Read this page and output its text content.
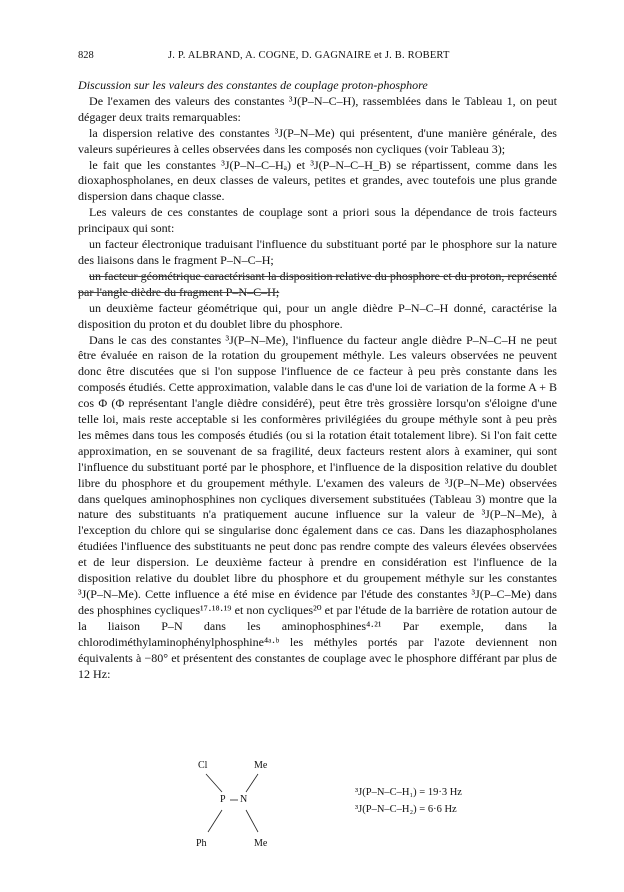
828	J. P. ALBRAND, A. COGNE, D. GAGNAIRE et J. B. ROBERT

Discussion sur les valeurs des constantes de couplage proton-phosphore

De l'examen des valeurs des constantes ³J(P–N–C–H), rassemblées dans le Tableau 1, on peut dégager deux traits remarquables:

la dispersion relative des constantes ³J(P–N–Me) qui présentent, d'une manière générale, des valeurs supérieures à celles observées dans les composés non cycliques (voir Tableau 3);

le fait que les constantes ³J(P–N–C–Hₐ) et ³J(P–N–C–H_B) se répartissent, comme dans les dioxaphospholanes, en deux classes de valeurs, petites et grandes, avec toutefois une plus grande dispersion dans chaque classe.

Les valeurs de ces constantes de couplage sont a priori sous la dépendance de trois facteurs principaux qui sont:

un facteur électronique traduisant l'influence du substituant porté par le phosphore sur la nature des liaisons dans le fragment P–N–C–H;

un facteur géométrique caractérisant la disposition relative du phosphore et du proton, représenté par l'angle dièdre du fragment P–N–C–H;

un deuxième facteur géométrique qui, pour un angle dièdre P–N–C–H donné, caractérise la disposition du proton et du doublet libre du phosphore.

Dans le cas des constantes ³J(P–N–Me), l'influence du facteur angle dièdre P–N–C–H ne peut être évaluée en raison de la rotation du groupement méthyle. Les valeurs observées ne peuvent donc être discutées que si l'on suppose l'influence de ce facteur à peu près constante dans les composés étudiés. Cette approximation, valable dans le cas d'une loi de variation de la forme A + B cos Φ (Φ représentant l'angle dièdre considéré), peut être très grossière lorsqu'on s'éloigne d'une telle loi, mais reste acceptable si les conformères privilégiées du groupe méthyle sont à peu près les mêmes dans tous les composés étudiés (ou si la rotation était totalement libre). Si l'on fait cette approximation, en se souvenant de sa fragilité, deux facteurs restent alors à examiner, qui sont l'influence du substituant porté par le phosphore, et l'influence de la disposition relative du doublet libre du phosphore et du groupement méthyle. L'examen des valeurs de ³J(P–N–Me) observées dans quelques aminophosphines non cycliques diversement substituées (Tableau 3) montre que la nature des substituants n'a pratiquement aucune influence sur la valeur de ³J(P–N–Me), à l'exception du chlore qui se singularise donc également dans ce cas. Dans les diazaphospholanes étudiées l'influence des substituants ne peut donc pas rendre compte des valeurs élevées observées et de leur dispersion. Le deuxième facteur à prendre en considération est l'influence de la disposition relative du doublet libre du phosphore et du groupement méthyle sur les constantes ³J(P–N–Me). Cette influence a été mise en évidence par l'étude des constantes ³J(P–C–Me) dans des phosphines cycliques¹⁷·¹⁸·¹⁹ et non cycliques²⁰ et par l'étude de la barrière de rotation autour de la liaison P–N dans les aminophosphines⁴·²¹ Par exemple, dans la chlorodiméthylaminophénylphosphine⁴ᵃ·ᵇ les méthyles portés par l'azote deviennent non équivalents à −80° et présentent des constantes de couplage avec le phosphore différant par plus de 12 Hz:

Cl	Me
P N
Ph	Me
³J(P–N–C–H₁) = 19·3 Hz
³J(P–N–C–H₂) = 6·6 Hz
